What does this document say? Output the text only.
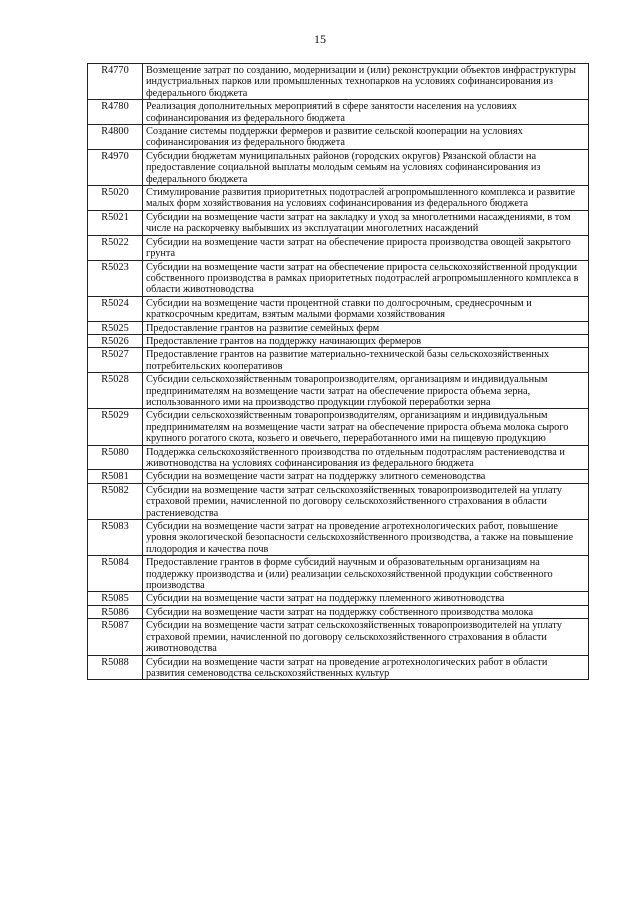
15
R4770	Возмещение затрат по созданию, модернизации и (или) реконструкции объектов инфраструктуры индустриальных парков или промышленных технопарков на условиях софинансирования из федерального бюджета
R4780	Реализация дополнительных мероприятий в сфере занятости населения на условиях софинансирования из федерального бюджета
R4800	Создание системы поддержки фермеров и развитие сельской кооперации на условиях софинансирования из федерального бюджета
R4970	Субсидии бюджетам муниципальных районов (городских округов) Рязанской области на предоставление социальной выплаты молодым семьям на условиях софинансирования из федерального бюджета
R5020	Стимулирование развития приоритетных подотраслей агропромышленного комплекса и развитие малых форм хозяйствования на условиях софинансирования из федерального бюджета
R5021	Субсидии на возмещение части затрат на закладку и уход за многолетними насаждениями, в том числе на раскорчевку выбывших из эксплуатации многолетних насаждений
R5022	Субсидии на возмещение части затрат на обеспечение прироста производства овощей закрытого грунта
R5023	Субсидии на возмещение части затрат на обеспечение прироста сельскохозяйственной продукции собственного производства в рамках приоритетных подотраслей агропромышленного комплекса в области животноводства
R5024	Субсидии на возмещение части процентной ставки по долгосрочным, среднесрочным и краткосрочным кредитам, взятым малыми формами хозяйствования
R5025	Предоставление грантов на развитие семейных ферм
R5026	Предоставление грантов на поддержку начинающих фермеров
R5027	Предоставление грантов на развитие материально-технической базы сельскохозяйственных потребительских кооперативов
R5028	Субсидии сельскохозяйственным товаропроизводителям, организациям и индивидуальным предпринимателям на возмещение части затрат на обеспечение прироста объема зерна, использованного ими на производство продукции глубокой переработки зерна
R5029	Субсидии сельскохозяйственным товаропроизводителям, организациям и индивидуальным предпринимателям на возмещение части затрат на обеспечение прироста объема молока сырого крупного рогатого скота, козьего и овечьего, переработанного ими на пищевую продукцию
R5080	Поддержка сельскохозяйственного производства по отдельным подотраслям растениеводства и животноводства на условиях софинансирования из федерального бюджета
R5081	Субсидии на возмещение части затрат на поддержку элитного семеноводства
R5082	Субсидии на возмещение части затрат сельскохозяйственных товаропроизводителей на уплату страховой премии, начисленной по договору сельскохозяйственного страхования в области растениеводства
R5083	Субсидии на возмещение части затрат на проведение агротехнологических работ, повышение уровня экологической безопасности сельскохозяйственного производства, а также на повышение плодородия и качества почв
R5084	Предоставление грантов в форме субсидий научным и образовательным организациям на поддержку производства и (или) реализации сельскохозяйственной продукции собственного производства
R5085	Субсидии на возмещение части затрат на поддержку племенного животноводства
R5086	Субсидии на возмещение части затрат на поддержку собственного производства молока
R5087	Субсидии на возмещение части затрат сельскохозяйственных товаропроизводителей на уплату страховой премии, начисленной по договору сельскохозяйственного страхования в области животноводства
R5088	Субсидии на возмещение части затрат на проведение агротехнологических работ в области развития семеноводства сельскохозяйственных культур
